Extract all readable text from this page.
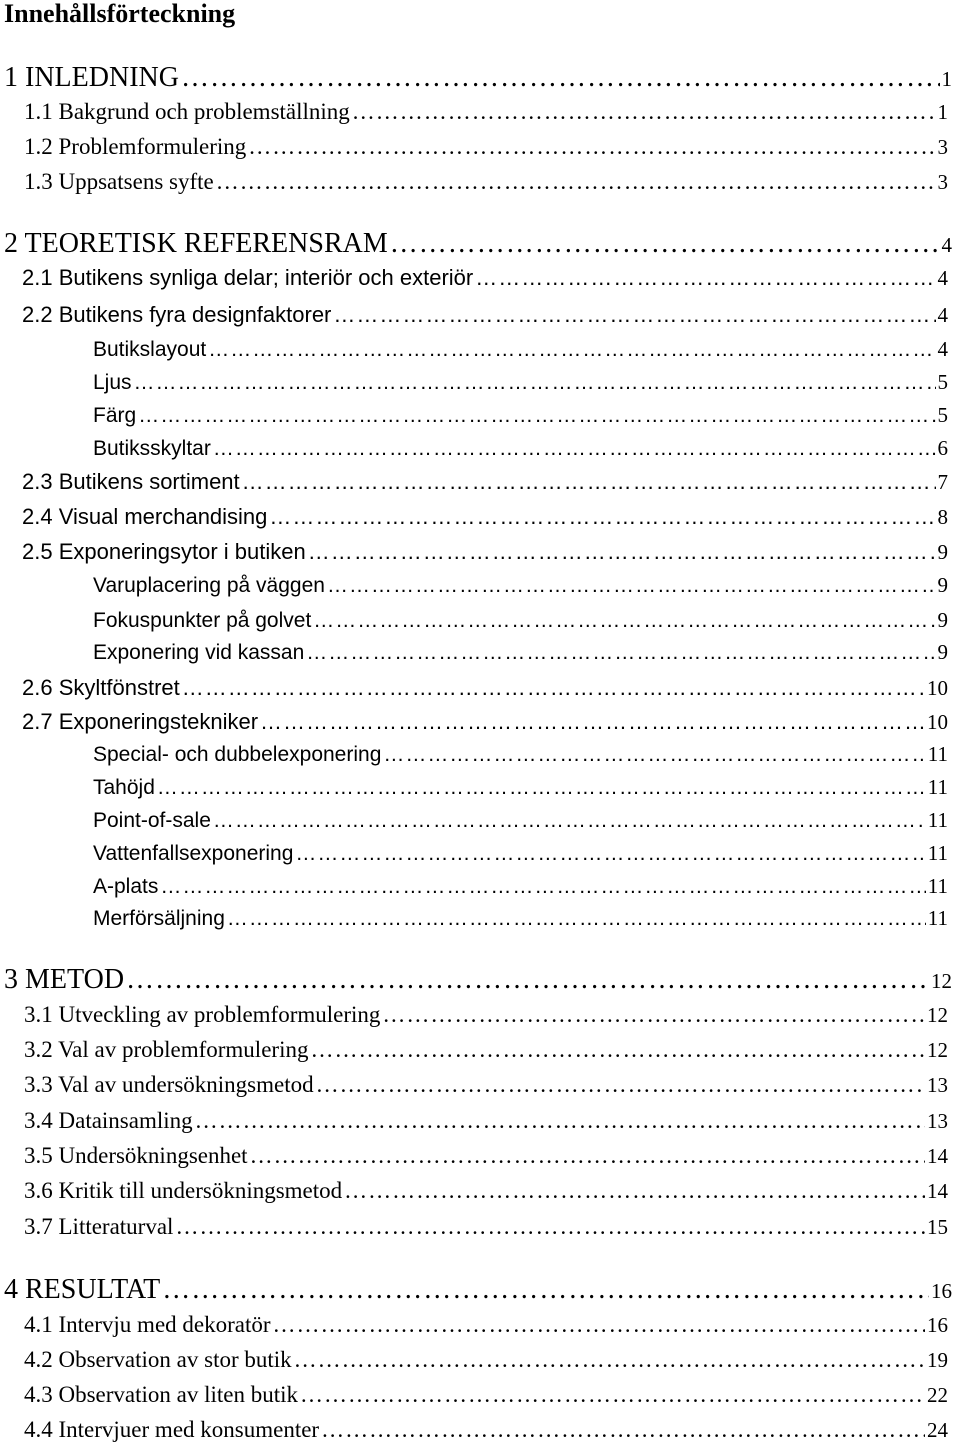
Innehållsförteckning
1 INLEDNING …………………………………………………………………………………………………………………………………………………………………………………………………………………………………………	1
1.1 Bakgrund och problemställning …………………………………………………………………………………………………………………………………………………………………………………………………………………………………………	1
1.2 Problemformulering …………………………………………………………………………………………………………………………………………………………………………………………………………………………………………	3
1.3 Uppsatsens syfte …………………………………………………………………………………………………………………………………………………………………………………………………………………………………………	3
2 TEORETISK REFERENSRAM …………………………………………………………………………………………………………………………………………………………………………………………………………………………………………	4
2.1 Butikens synliga delar; interiör och exteriör …………………………………………………………………………………………………………………………………………………………………………………………………………………………………………	4
2.2 Butikens fyra designfaktorer …………………………………………………………………………………………………………………………………………………………………………………………………………………………………………	4
Butikslayout …………………………………………………………………………………………………………………………………………………………………………………………………………………………………………	4
Ljus …………………………………………………………………………………………………………………………………………………………………………………………………………………………………………	5
Färg …………………………………………………………………………………………………………………………………………………………………………………………………………………………………………	5
Butiksskyltar …………………………………………………………………………………………………………………………………………………………………………………………………………………………………………	6
2.3 Butikens sortiment …………………………………………………………………………………………………………………………………………………………………………………………………………………………………………	7
2.4 Visual merchandising …………………………………………………………………………………………………………………………………………………………………………………………………………………………………………	8
2.5 Exponeringsytor i butiken …………………………………………………………………………………………………………………………………………………………………………………………………………………………………………	9
Varuplacering på väggen …………………………………………………………………………………………………………………………………………………………………………………………………………………………………………	9
Fokuspunkter på golvet …………………………………………………………………………………………………………………………………………………………………………………………………………………………………………	9
Exponering vid kassan …………………………………………………………………………………………………………………………………………………………………………………………………………………………………………	9
2.6 Skyltfönstret …………………………………………………………………………………………………………………………………………………………………………………………………………………………………………	10
2.7 Exponeringstekniker …………………………………………………………………………………………………………………………………………………………………………………………………………………………………………	10
Special- och dubbelexponering …………………………………………………………………………………………………………………………………………………………………………………………………………………………………………	11
Tahöjd …………………………………………………………………………………………………………………………………………………………………………………………………………………………………………	11
Point-of-sale …………………………………………………………………………………………………………………………………………………………………………………………………………………………………………	11
Vattenfallsexponering …………………………………………………………………………………………………………………………………………………………………………………………………………………………………………	11
A-plats …………………………………………………………………………………………………………………………………………………………………………………………………………………………………………	11
Merförsäljning …………………………………………………………………………………………………………………………………………………………………………………………………………………………………………	11
3 METOD …………………………………………………………………………………………………………………………………………………………………………………………………………………………………………	12
3.1 Utveckling av problemformulering …………………………………………………………………………………………………………………………………………………………………………………………………………………………………………	12
3.2 Val av problemformulering …………………………………………………………………………………………………………………………………………………………………………………………………………………………………………	12
3.3 Val av undersökningsmetod …………………………………………………………………………………………………………………………………………………………………………………………………………………………………………	13
3.4 Datainsamling …………………………………………………………………………………………………………………………………………………………………………………………………………………………………………	13
3.5 Undersökningsenhet …………………………………………………………………………………………………………………………………………………………………………………………………………………………………………	14
3.6 Kritik till undersökningsmetod …………………………………………………………………………………………………………………………………………………………………………………………………………………………………………	14
3.7 Litteraturval …………………………………………………………………………………………………………………………………………………………………………………………………………………………………………	15
4 RESULTAT …………………………………………………………………………………………………………………………………………………………………………………………………………………………………………	16
4.1 Intervju med dekoratör …………………………………………………………………………………………………………………………………………………………………………………………………………………………………………	16
4.2 Observation av stor butik …………………………………………………………………………………………………………………………………………………………………………………………………………………………………………	19
4.3 Observation av liten butik …………………………………………………………………………………………………………………………………………………………………………………………………………………………………………	22
4.4 Intervjuer med konsumenter …………………………………………………………………………………………………………………………………………………………………………………………………………………………………………	24
